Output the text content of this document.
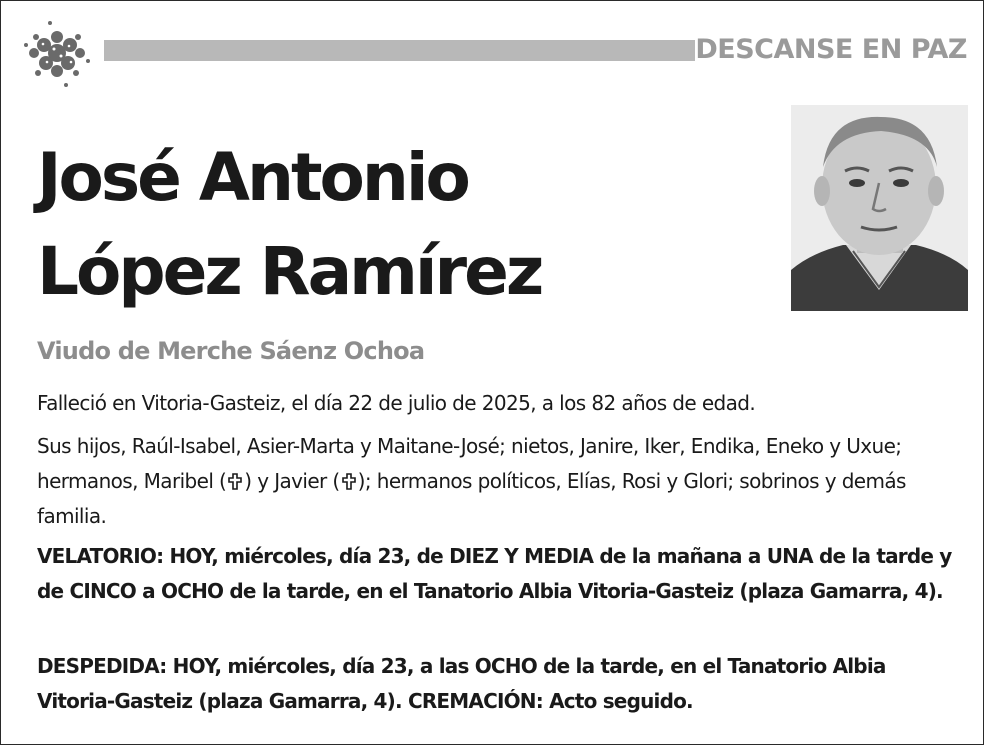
DESCANSE EN PAZ
José Antonio
López Ramírez
Viudo de Merche Sáenz Ochoa

Falleció en Vitoria-Gasteiz, el día 22 de julio de 2025, a los 82 años de edad.

Sus hijos, Raúl-Isabel, Asier-Marta y Maitane-José; nietos, Janire, Iker, Endika, Eneko y Uxue; hermanos, Maribel ( ) y Javier ( ); hermanos políticos, Elías, Rosi y Glori; sobrinos y demás familia.

VELATORIO: HOY, miércoles, día 23, de DIEZ Y MEDIA de la mañana a UNA de la tarde y de CINCO a OCHO de la tarde, en el Tanatorio Albia Vitoria-Gasteiz (plaza Gamarra, 4).

DESPEDIDA: HOY, miércoles, día 23, a las OCHO de la tarde, en el Tanatorio Albia Vitoria-Gasteiz (plaza Gamarra, 4). CREMACIÓN: Acto seguido.
